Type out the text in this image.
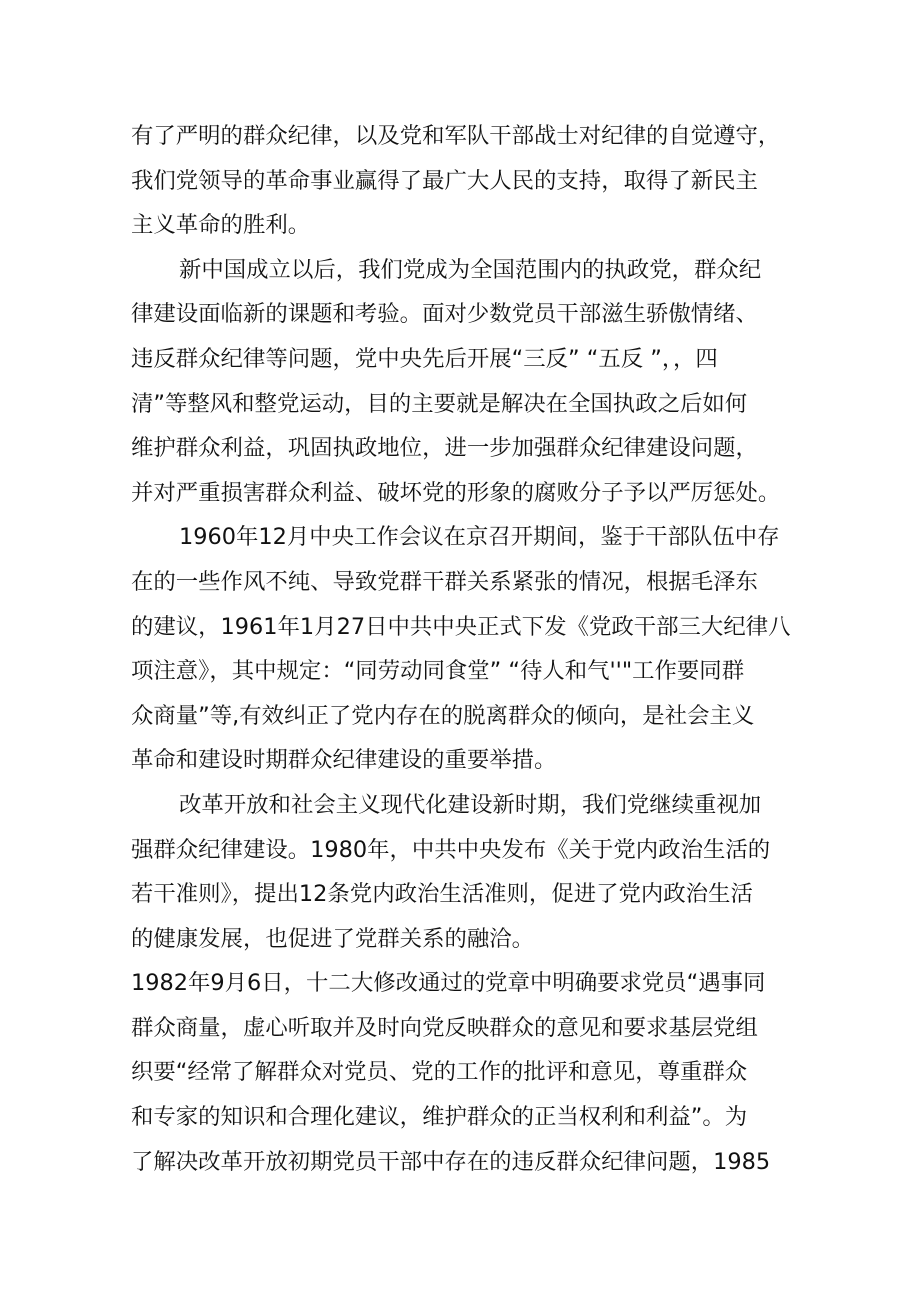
有了严明的群众纪律，以及党和军队干部战士对纪律的自觉遵守，
我们党领导的革命事业赢得了最广大人民的支持，取得了新民主
主义革命的胜利。
新中国成立以后，我们党成为全国范围内的执政党，群众纪
律建设面临新的课题和考验。面对少数党员干部滋生骄傲情绪、
违反群众纪律等问题，党中央先后开展“三反” “五反 ”，，四
清”等整风和整党运动，目的主要就是解决在全国执政之后如何
维护群众利益，巩固执政地位，进一步加强群众纪律建设问题，
并对严重损害群众利益、破坏党的形象的腐败分子予以严厉惩处。
1960年12月中央工作会议在京召开期间，鉴于干部队伍中存
在的一些作风不纯、导致党群干群关系紧张的情况，根据毛泽东
的建议，1961年1月27日中共中央正式下发《党政干部三大纪律八
项注意》，其中规定：“同劳动同食堂” “待人和气''"工作要同群
众商量”等,有效纠正了党内存在的脱离群众的倾向，是社会主义
革命和建设时期群众纪律建设的重要举措。
改革开放和社会主义现代化建设新时期，我们党继续重视加
强群众纪律建设。1980年，中共中央发布《关于党内政治生活的
若干准则》，提出12条党内政治生活准则，促进了党内政治生活
的健康发展，也促进了党群关系的融洽。
1982年9月6日，十二大修改通过的党章中明确要求党员“遇事同
群众商量，虚心听取并及时向党反映群众的意见和要求基层党组
织要“经常了解群众对党员、党的工作的批评和意见，尊重群众
和专家的知识和合理化建议，维护群众的正当权利和利益”。为
了解决改革开放初期党员干部中存在的违反群众纪律问题，1985
